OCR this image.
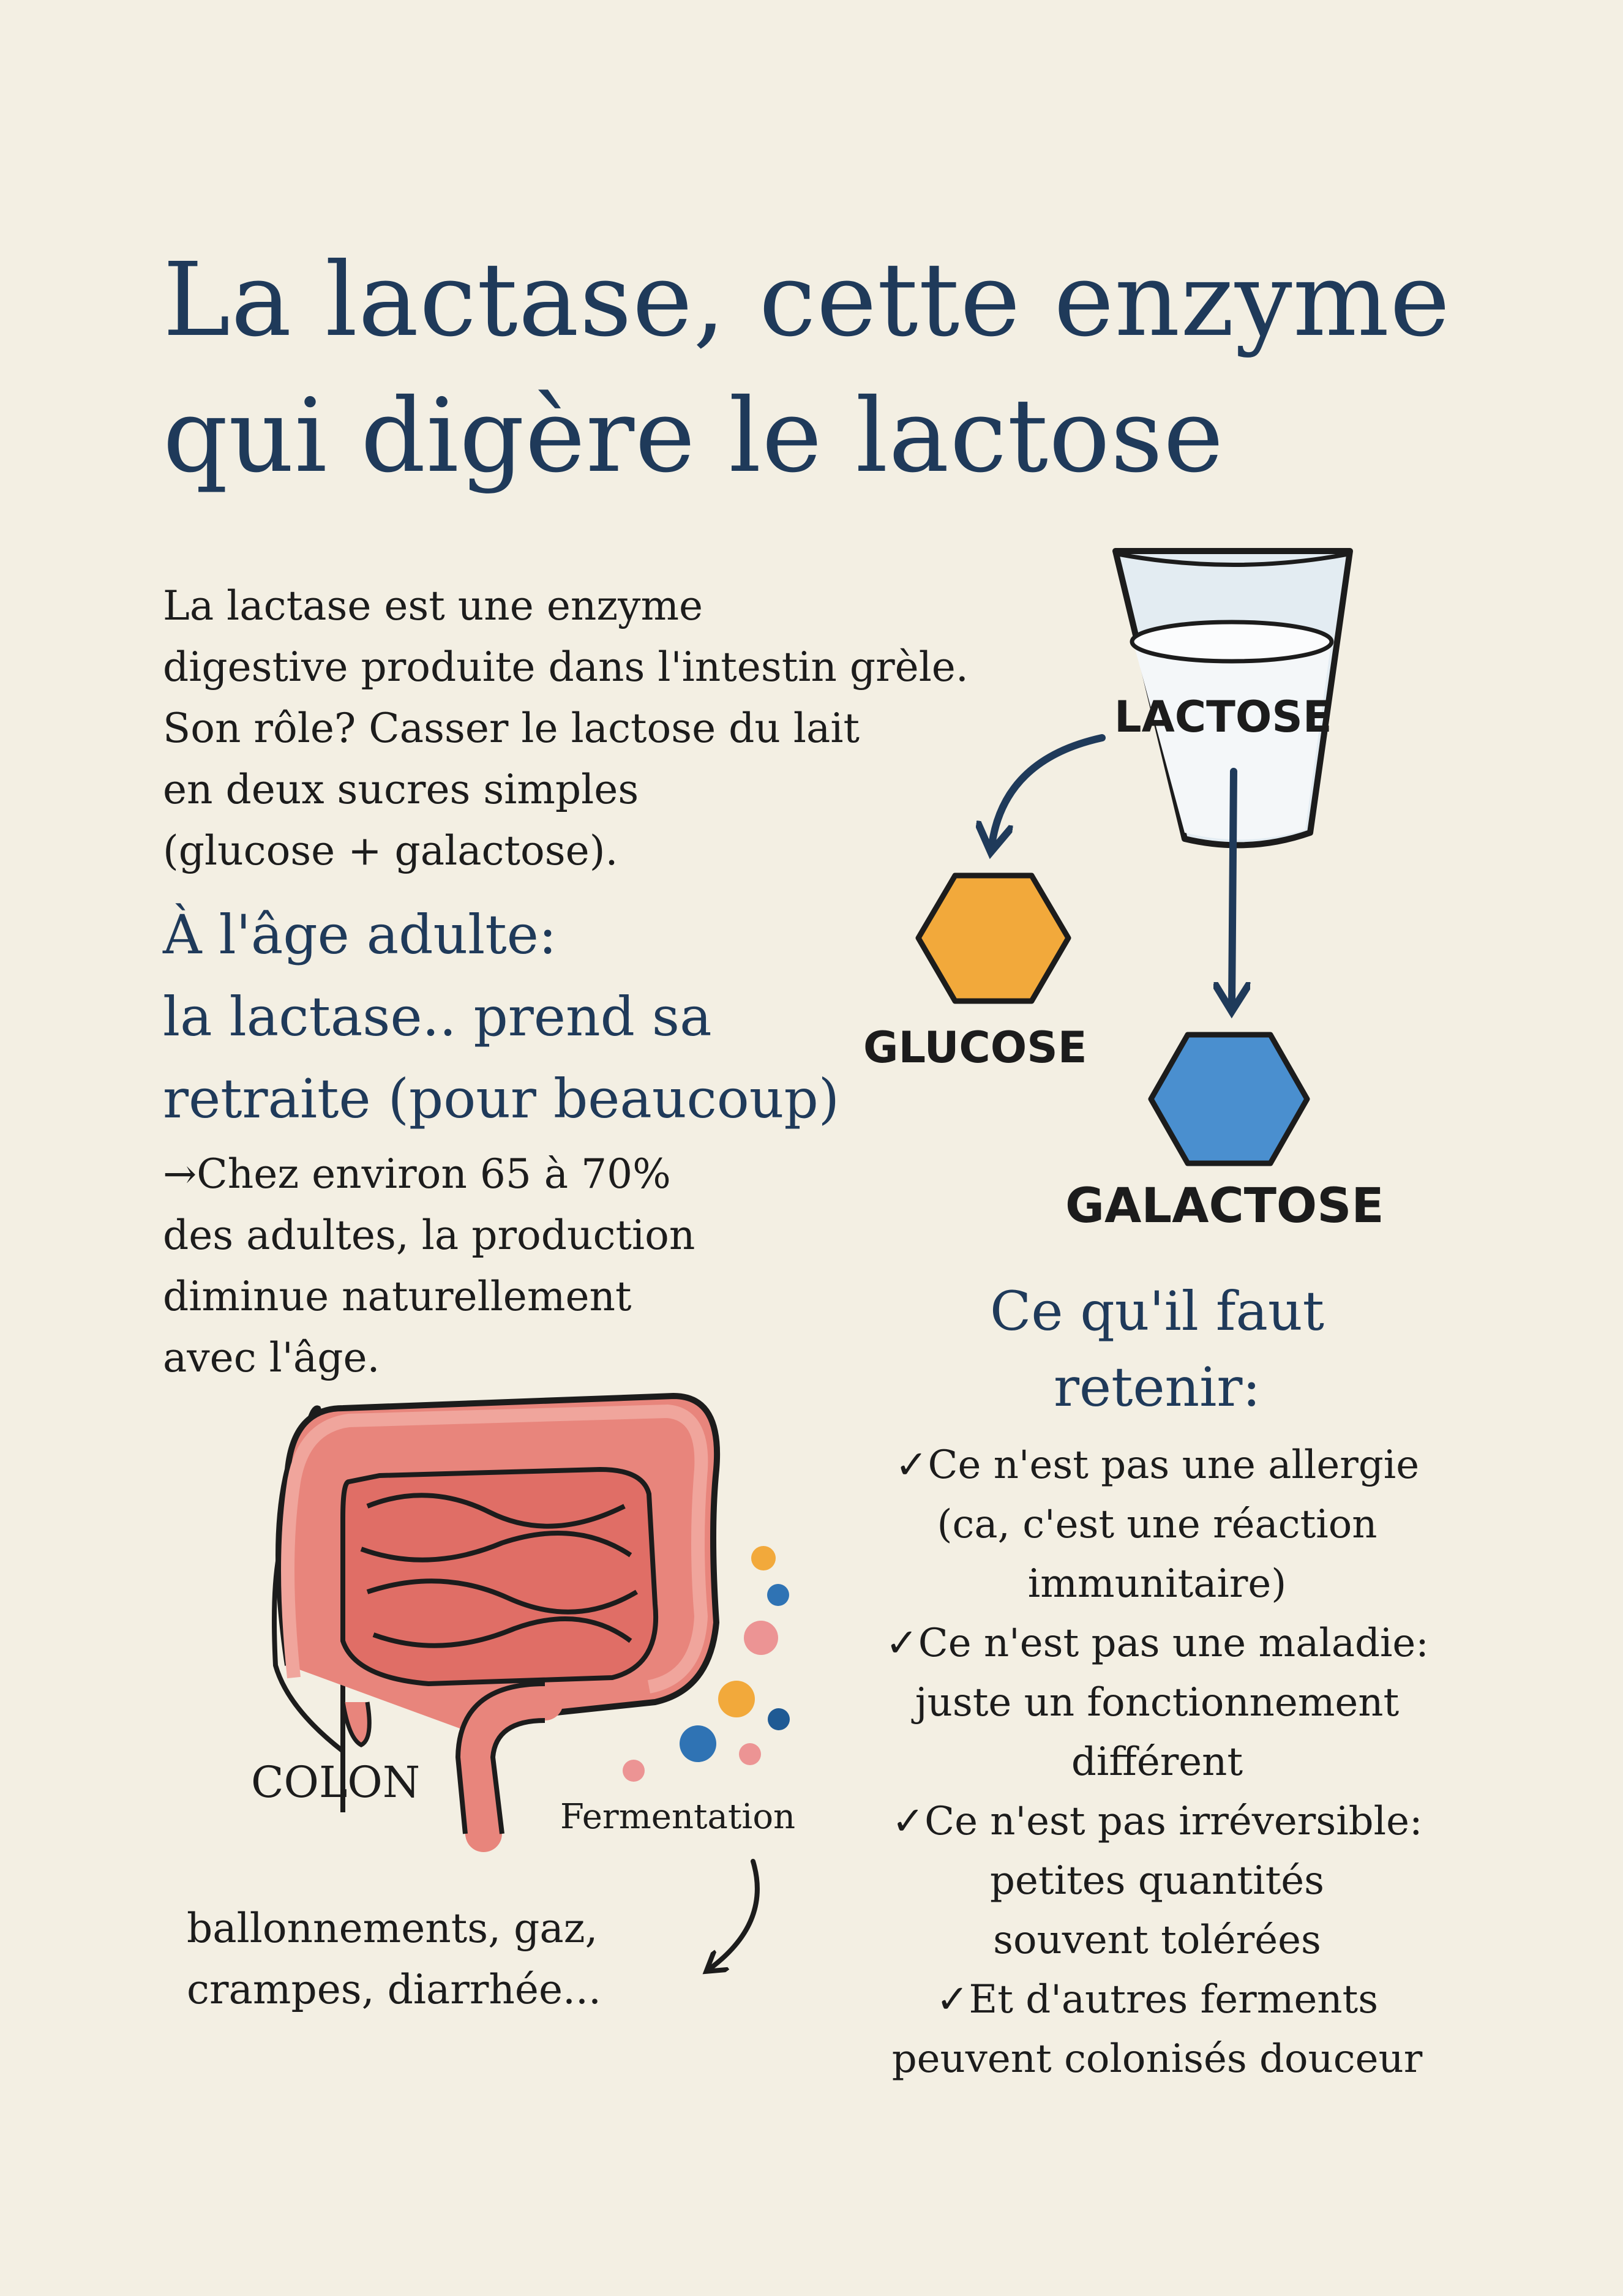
La lactase, cette enzyme
qui digère le lactose
La lactase est une enzyme
digestive produite dans l'intestin grèle.
Son rôle? Casser le lactose du lait
en deux sucres simples
(glucose + galactose).
À l'âge adulte:
la lactase.. prend sa
retraite (pour beaucoup)
→Chez environ 65 à 70%
des adultes, la production
diminue naturellement
avec l'âge.
LACTOSE
GLUCOSE
GALACTOSE
Ce qu'il faut
retenir:
✓Ce n'est pas une allergie
(ca, c'est une réaction
immunitaire)
✓Ce n'est pas une maladie:
juste un fonctionnement
différent
✓Ce n'est pas irréversible:
petites quantités
souvent tolérées
✓Et d'autres ferments
peuvent colonisés douceur
COLON
Fermentation
ballonnements, gaz,
crampes, diarrhée...
